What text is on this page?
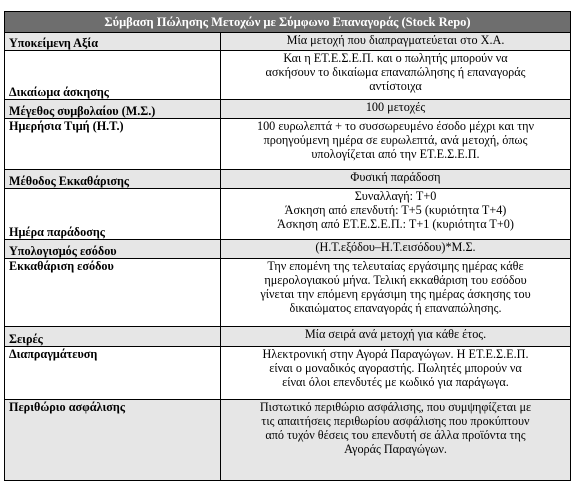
Σύμβαση Πώλησης Μετοχών με Σύμφωνο Επαναγοράς (Stock Repo)	
Υποκείμενη Αξία	Μία μετοχή που διαπραγματεύεται στο Χ.Α.

Δικαίωμα άσκησης	Και η ΕΤ.Ε.Σ.Ε.Π. και ο πωλητής μπορούν να
ασκήσουν το δικαίωμα επαναπώλησης ή επαναγοράς
αντίστοιχα

Μέγεθος συμβολαίου (Μ.Σ.)	100 μετοχές

Ημερήσια Τιμή (Η.Τ.)	100 ευρωλεπτά + το συσσωρευμένο έσοδο μέχρι και την
προηγούμενη ημέρα σε ευρωλεπτά, ανά μετοχή, όπως
υπολογίζεται από την ΕΤ.Ε.Σ.Ε.Π.

Μέθοδος Εκκαθάρισης	Φυσική παράδοση

Ημέρα παράδοσης	Συναλλαγή: Τ+0
Άσκηση από επενδυτή: Τ+5 (κυριότητα Τ+4)
Άσκηση από ΕΤ.Ε.Σ.Ε.Π.: Τ+1 (κυριότητα Τ+0)

Υπολογισμός εσόδου	(Η.Τ.εξόδου–Η.Τ.εισόδου)*Μ.Σ.

Εκκαθάριση εσόδου	Την επομένη της τελευταίας εργάσιμης ημέρας κάθε
ημερολογιακού μήνα. Τελική εκκαθάριση του εσόδου
γίνεται την επόμενη εργάσιμη της ημέρας άσκησης του
δικαιώματος επαναγοράς ή επαναπώλησης.

Σειρές	Μία σειρά ανά μετοχή για κάθε έτος.

Διαπραγμάτευση	Ηλεκτρονική στην Αγορά Παραγώγων. Η ΕΤ.Ε.Σ.Ε.Π.
είναι ο μοναδικός αγοραστής. Πωλητές μπορούν να
είναι όλοι επενδυτές με κωδικό για παράγωγα.

Περιθώριο ασφάλισης	Πιστωτικό περιθώριο ασφάλισης, που συμψηφίζεται με
τις απαιτήσεις περιθωρίου ασφάλισης που προκύπτουν
από τυχόν θέσεις του επενδυτή σε άλλα προϊόντα της
Αγοράς Παραγώγων.
